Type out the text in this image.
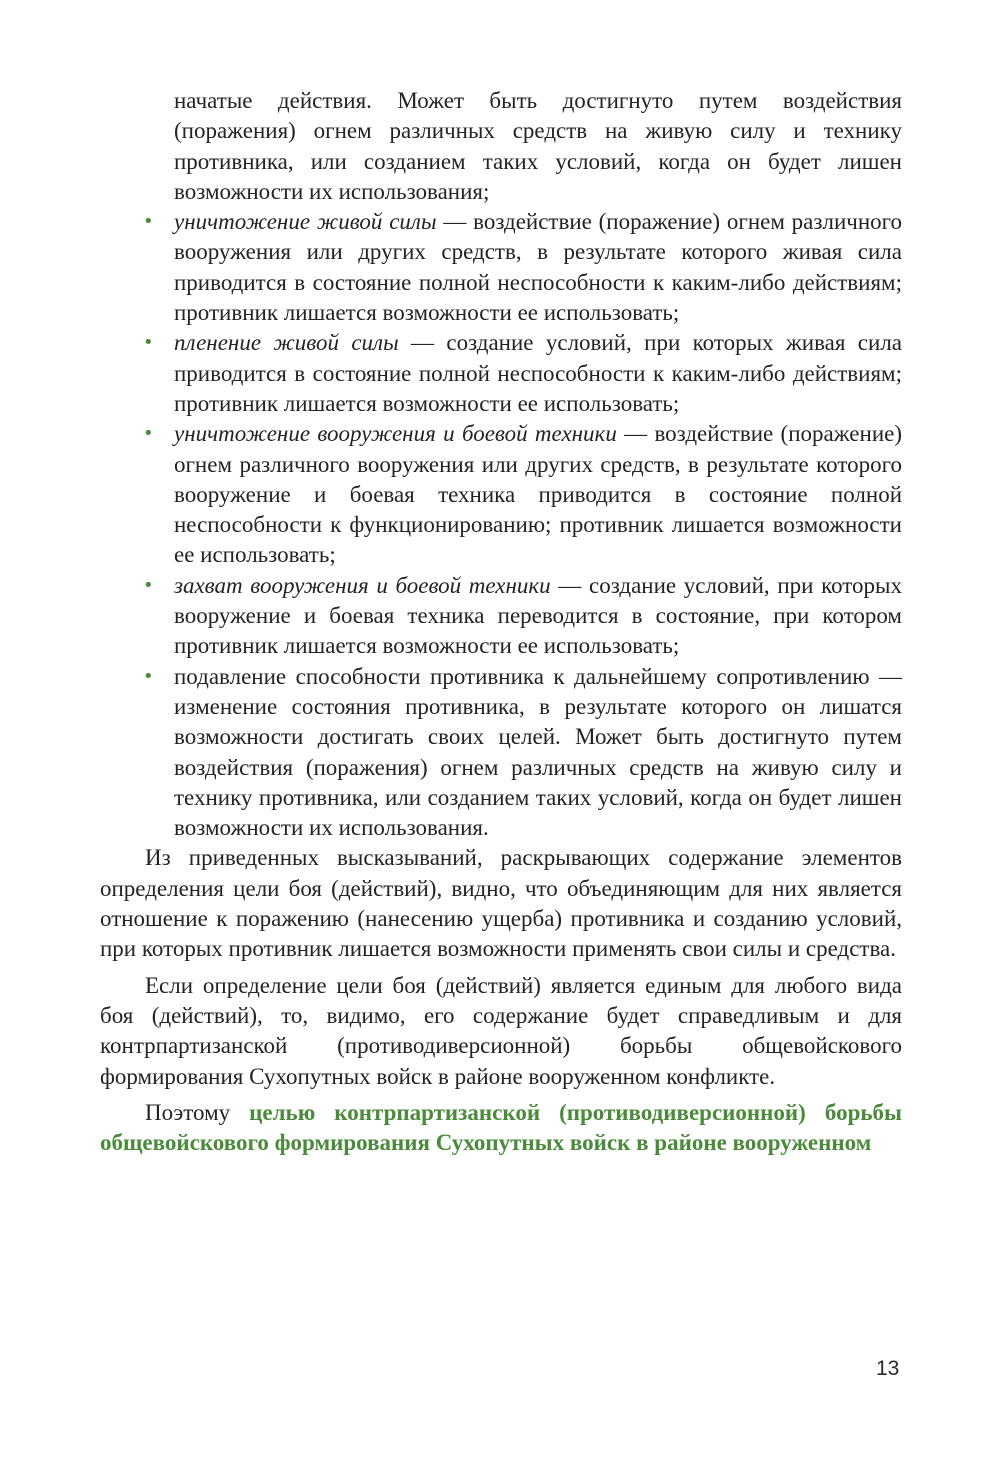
начатые действия. Может быть достигнуто путем воздействия (поражения) огнем различных средств на живую силу и технику противника, или созданием таких условий, когда он будет лишен возможности их использования;

• уничтожение живой силы — воздействие (поражение) огнем различного вооружения или других средств, в результате которого живая сила приводится в состояние полной неспособности к каким-либо действиям; противник лишается возможности ее использовать;
• пленение живой силы — создание условий, при которых живая сила приводится в состояние полной неспособности к каким-либо действиям; противник лишается возможности ее использовать;
• уничтожение вооружения и боевой техники — воздействие (поражение) огнем различного вооружения или других средств, в результате которого вооружение и боевая техника приводится в состояние полной неспособности к функционированию; противник лишается возможности ее использовать;
• захват вооружения и боевой техники — создание условий, при которых вооружение и боевая техника переводится в состояние, при котором противник лишается возможности ее использовать;
• подавление способности противника к дальнейшему сопротивлению — изменение состояния противника, в результате которого он лишатся возможности достигать своих целей. Может быть достигнуто путем воздействия (поражения) огнем различных средств на живую силу и технику противника, или созданием таких условий, когда он будет лишен возможности их использования.

Из приведенных высказываний, раскрывающих содержание элементов определения цели боя (действий), видно, что объединяющим для них является отношение к поражению (нанесению ущерба) противника и созданию условий, при которых противник лишается возможности применять свои силы и средства.

Если определение цели боя (действий) является единым для любого вида боя (действий), то, видимо, его содержание будет справедливым и для контрпартизанской (противодиверсионной) борьбы общевойскового формирования Сухопутных войск в районе вооруженном конфликте.

Поэтому целью контрпартизанской (противодиверсионной) борьбы общевойскового формирования Сухопутных войск в районе вооруженном

13
